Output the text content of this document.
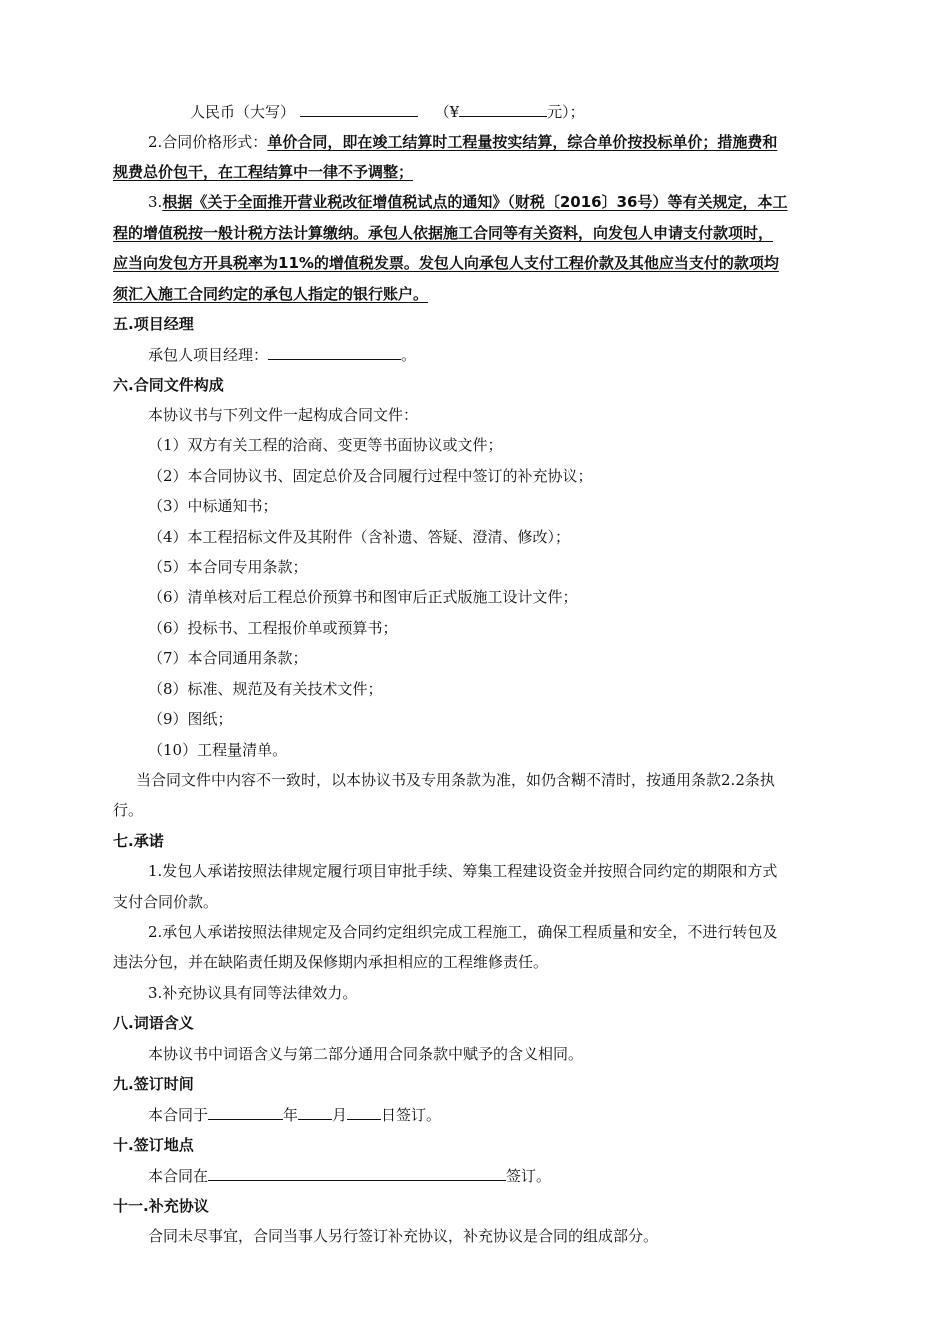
人民币（大写）	（¥	元）；
2.合同价格形式：单价合同，即在竣工结算时工程量按实结算，综合单价按投标单价；措施费和
规费总价包干，在工程结算中一律不予调整；
3.根据《关于全面推开营业税改征增值税试点的通知》（财税〔2016〕36号）等有关规定，本工
程的增值税按一般计税方法计算缴纳。承包人依据施工合同等有关资料，向发包人申请支付款项时，
应当向发包方开具税率为11%的增值税发票。发包人向承包人支付工程价款及其他应当支付的款项均
须汇入施工合同约定的承包人指定的银行账户。
五.项目经理
承包人项目经理：	。
六.合同文件构成
本协议书与下列文件一起构成合同文件：
（1）双方有关工程的洽商、变更等书面协议或文件；
（2）本合同协议书、固定总价及合同履行过程中签订的补充协议；
（3）中标通知书；
（4）本工程招标文件及其附件（含补遗、答疑、澄清、修改）；
（5）本合同专用条款；
（6）清单核对后工程总价预算书和图审后正式版施工设计文件；
（6）投标书、工程报价单或预算书；
（7）本合同通用条款；
（8）标准、规范及有关技术文件；
（9）图纸；
（10）工程量清单。
当合同文件中内容不一致时，以本协议书及专用条款为准，如仍含糊不清时，按通用条款2.2条执
行。
七.承诺
1.发包人承诺按照法律规定履行项目审批手续、筹集工程建设资金并按照合同约定的期限和方式
支付合同价款。
2.承包人承诺按照法律规定及合同约定组织完成工程施工，确保工程质量和安全，不进行转包及
违法分包，并在缺陷责任期及保修期内承担相应的工程维修责任。
3.补充协议具有同等法律效力。
八.词语含义
本协议书中词语含义与第二部分通用合同条款中赋予的含义相同。
九.签订时间
本合同于	年 月 日签订。
十.签订地点
本合同在	签订。
十一.补充协议
合同未尽事宜，合同当事人另行签订补充协议，补充协议是合同的组成部分。
